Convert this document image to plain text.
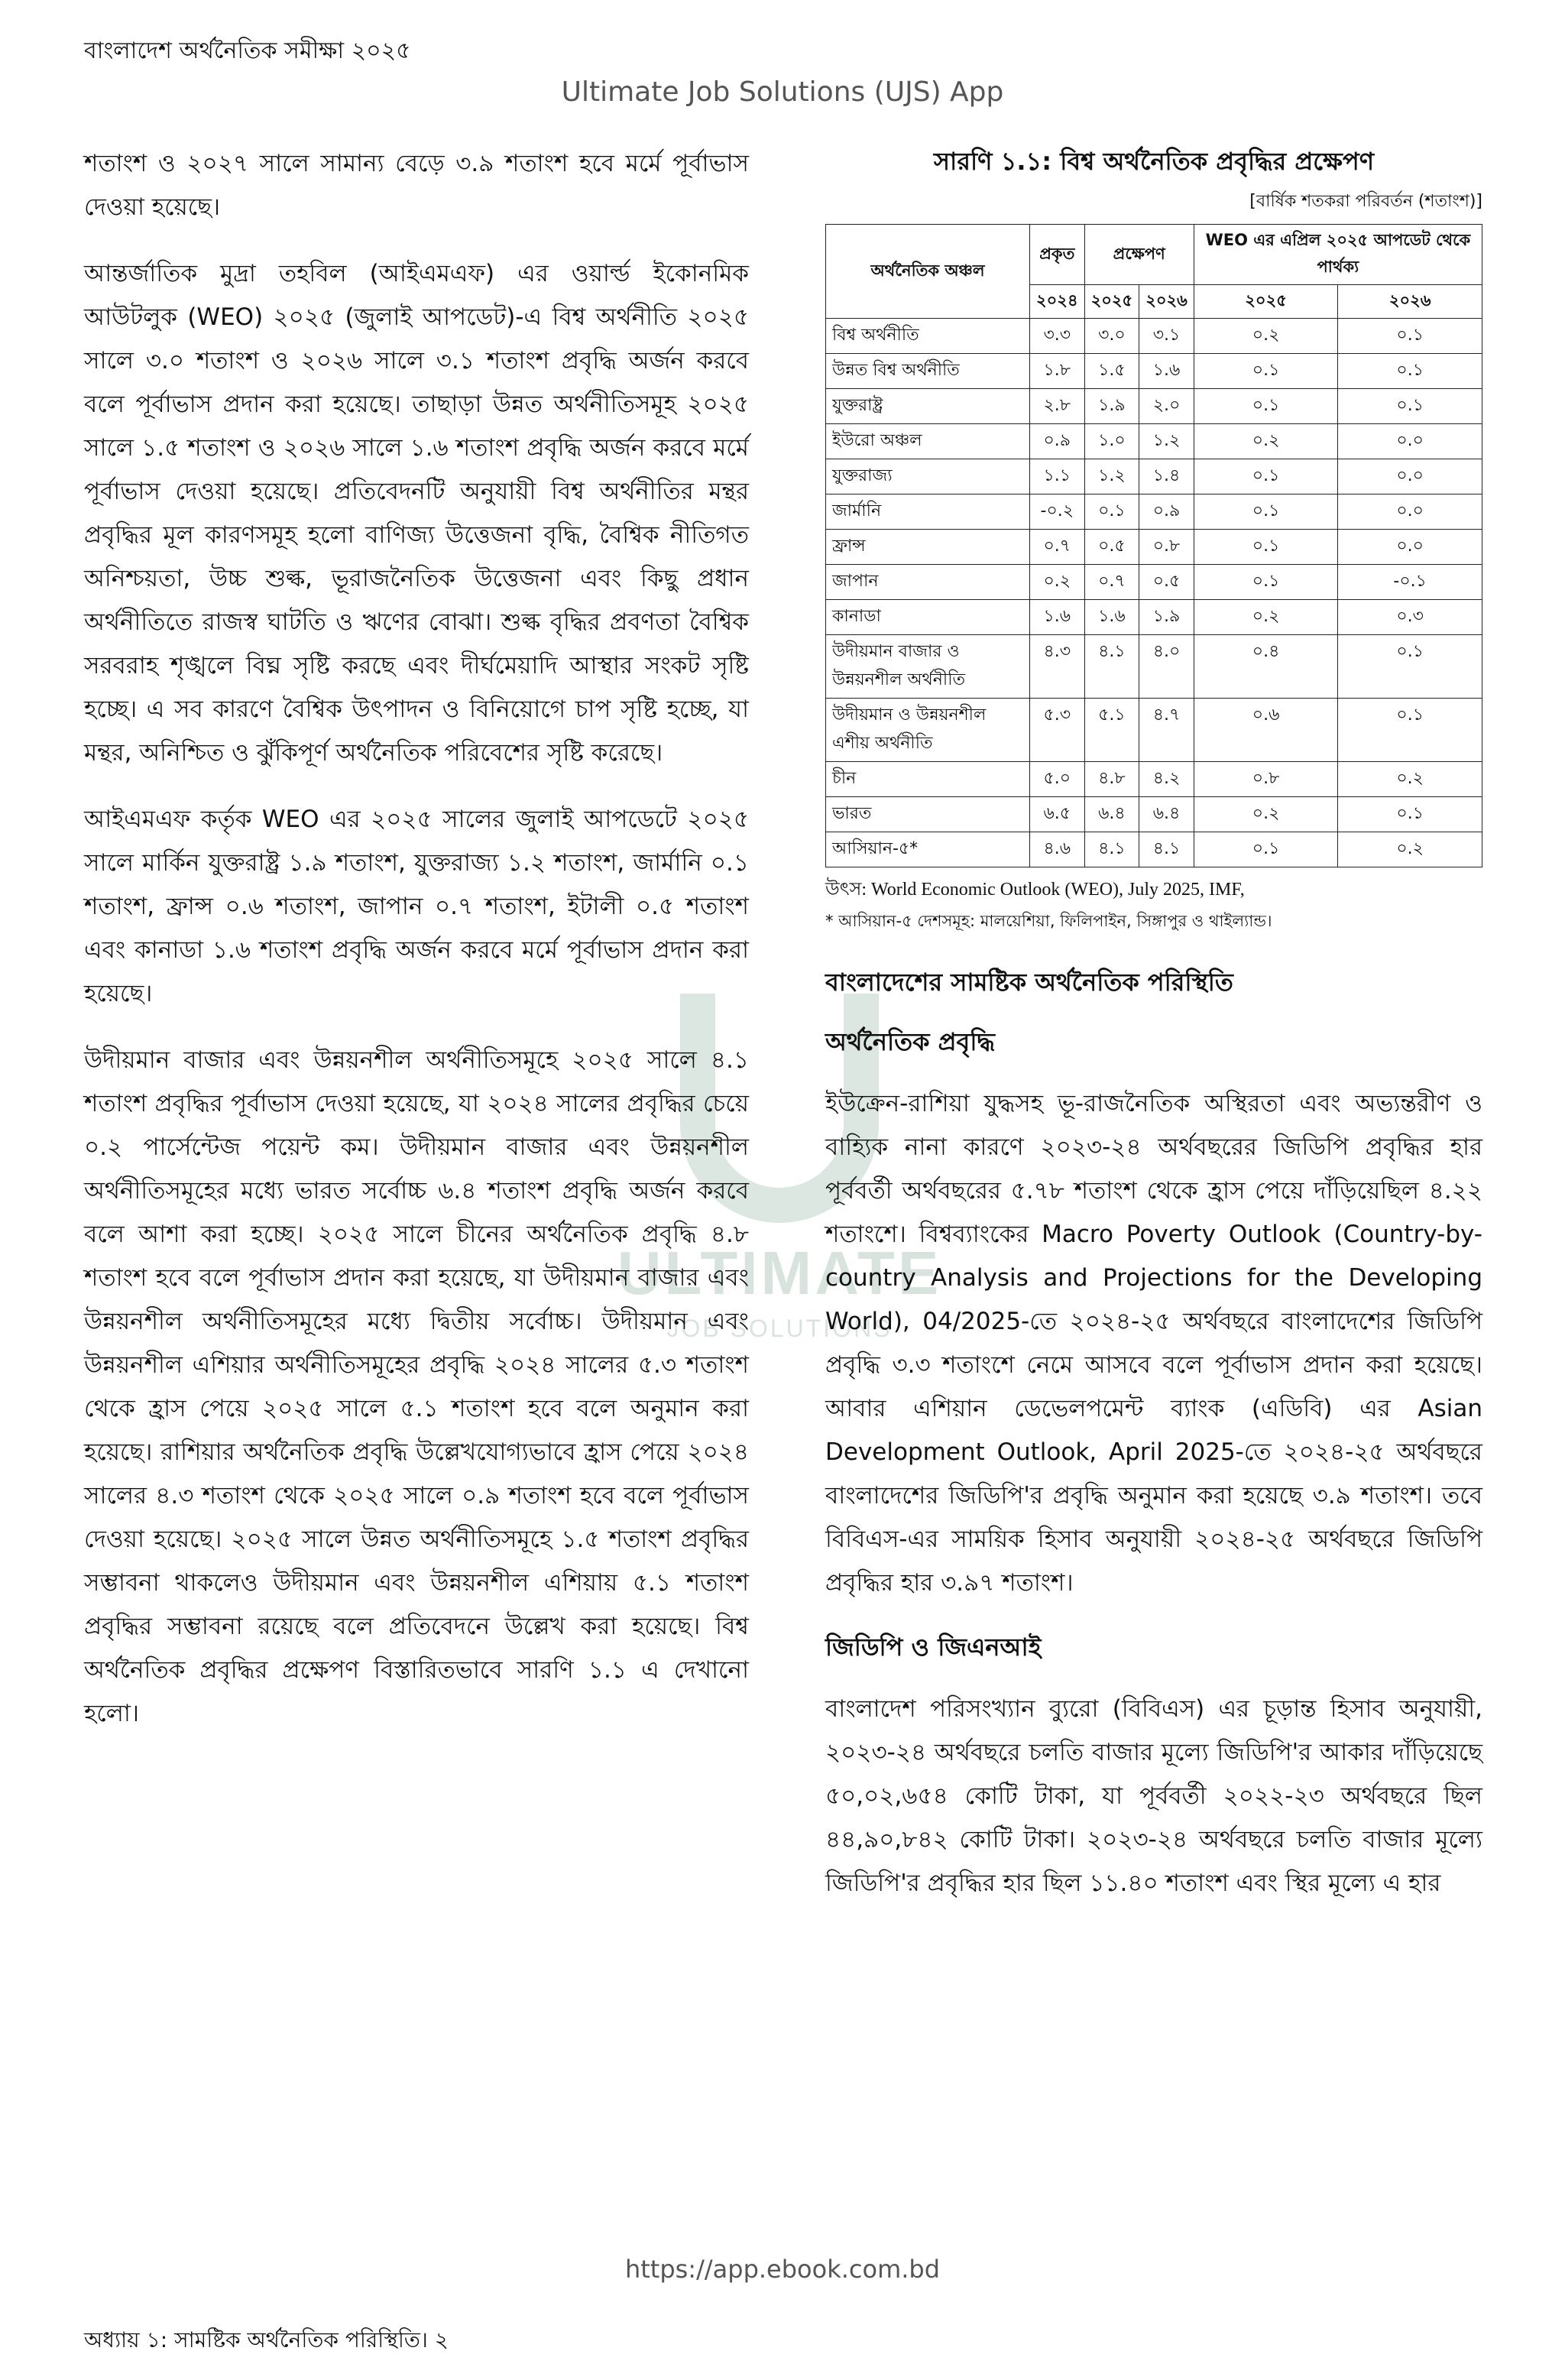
বাংলাদেশ অর্থনৈতিক সমীক্ষা ২০২৫
Ultimate Job Solutions (UJS) App
ULTIMATE
JOB SOLUTIONS

শতাংশ ও ২০২৭ সালে সামান্য বেড়ে ৩.৯ শতাংশ হবে মর্মে পূর্বাভাস দেওয়া হয়েছে।

আন্তর্জাতিক মুদ্রা তহবিল (আইএমএফ) এর ওয়ার্ল্ড ইকোনমিক আউটলুক (WEO) ২০২৫ (জুলাই আপডেট)-এ বিশ্ব অর্থনীতি ২০২৫ সালে ৩.০ শতাংশ ও ২০২৬ সালে ৩.১ শতাংশ প্রবৃদ্ধি অর্জন করবে বলে পূর্বাভাস প্রদান করা হয়েছে। তাছাড়া উন্নত অর্থনীতিসমূহ ২০২৫ সালে ১.৫ শতাংশ ও ২০২৬ সালে ১.৬ শতাংশ প্রবৃদ্ধি অর্জন করবে মর্মে পূর্বাভাস দেওয়া হয়েছে। প্রতিবেদনটি অনুযায়ী বিশ্ব অর্থনীতির মন্থর প্রবৃদ্ধির মূল কারণসমূহ হলো বাণিজ্য উত্তেজনা বৃদ্ধি, বৈশ্বিক নীতিগত অনিশ্চয়তা, উচ্চ শুল্ক, ভূরাজনৈতিক উত্তেজনা এবং কিছু প্রধান অর্থনীতিতে রাজস্ব ঘাটতি ও ঋণের বোঝা। শুল্ক বৃদ্ধির প্রবণতা বৈশ্বিক সরবরাহ শৃঙ্খলে বিঘ্ন সৃষ্টি করছে এবং দীর্ঘমেয়াদি আস্থার সংকট সৃষ্টি হচ্ছে। এ সব কারণে বৈশ্বিক উৎপাদন ও বিনিয়োগে চাপ সৃষ্টি হচ্ছে, যা মন্থর, অনিশ্চিত ও ঝুঁকিপূর্ণ অর্থনৈতিক পরিবেশের সৃষ্টি করেছে।

আইএমএফ কর্তৃক WEO এর ২০২৫ সালের জুলাই আপডেটে ২০২৫ সালে মার্কিন যুক্তরাষ্ট্র ১.৯ শতাংশ, যুক্তরাজ্য ১.২ শতাংশ, জার্মানি ০.১ শতাংশ, ফ্রান্স ০.৬ শতাংশ, জাপান ০.৭ শতাংশ, ইটালী ০.৫ শতাংশ এবং কানাডা ১.৬ শতাংশ প্রবৃদ্ধি অর্জন করবে মর্মে পূর্বাভাস প্রদান করা হয়েছে।

উদীয়মান বাজার এবং উন্নয়নশীল অর্থনীতিসমূহে ২০২৫ সালে ৪.১ শতাংশ প্রবৃদ্ধির পূর্বাভাস দেওয়া হয়েছে, যা ২০২৪ সালের প্রবৃদ্ধির চেয়ে ০.২ পার্সেন্টেজ পয়েন্ট কম। উদীয়মান বাজার এবং উন্নয়নশীল অর্থনীতিসমূহের মধ্যে ভারত সর্বোচ্চ ৬.৪ শতাংশ প্রবৃদ্ধি অর্জন করবে বলে আশা করা হচ্ছে। ২০২৫ সালে চীনের অর্থনৈতিক প্রবৃদ্ধি ৪.৮ শতাংশ হবে বলে পূর্বাভাস প্রদান করা হয়েছে, যা উদীয়মান বাজার এবং উন্নয়নশীল অর্থনীতিসমূহের মধ্যে দ্বিতীয় সর্বোচ্চ। উদীয়মান এবং উন্নয়নশীল এশিয়ার অর্থনীতিসমূহের প্রবৃদ্ধি ২০২৪ সালের ৫.৩ শতাংশ থেকে হ্রাস পেয়ে ২০২৫ সালে ৫.১ শতাংশ হবে বলে অনুমান করা হয়েছে। রাশিয়ার অর্থনৈতিক প্রবৃদ্ধি উল্লেখযোগ্যভাবে হ্রাস পেয়ে ২০২৪ সালের ৪.৩ শতাংশ থেকে ২০২৫ সালে ০.৯ শতাংশ হবে বলে পূর্বাভাস দেওয়া হয়েছে। ২০২৫ সালে উন্নত অর্থনীতিসমূহে ১.৫ শতাংশ প্রবৃদ্ধির সম্ভাবনা থাকলেও উদীয়মান এবং উন্নয়নশীল এশিয়ায় ৫.১ শতাংশ প্রবৃদ্ধির সম্ভাবনা রয়েছে বলে প্রতিবেদনে উল্লেখ করা হয়েছে। বিশ্ব অর্থনৈতিক প্রবৃদ্ধির প্রক্ষেপণ বিস্তারিতভাবে সারণি ১.১ এ দেখানো হলো।

সারণি ১.১: বিশ্ব অর্থনৈতিক প্রবৃদ্ধির প্রক্ষেপণ
[বার্ষিক শতকরা পরিবর্তন (শতাংশ)]
অর্থনৈতিক অঞ্চল	প্রকৃত	প্রক্ষেপণ		WEO এর এপ্রিল ২০২৫ আপডেট থেকে পার্থক্য	
	২০২৪	২০২৫	২০২৬	২০২৫	২০২৬
বিশ্ব অর্থনীতি	৩.৩	৩.০	৩.১	০.২	০.১
উন্নত বিশ্ব অর্থনীতি	১.৮	১.৫	১.৬	০.১	০.১
যুক্তরাষ্ট্র	২.৮	১.৯	২.০	০.১	০.১
ইউরো অঞ্চল	০.৯	১.০	১.২	০.২	০.০
যুক্তরাজ্য	১.১	১.২	১.৪	০.১	০.০
জার্মানি	-০.২	০.১	০.৯	০.১	০.০
ফ্রান্স	০.৭	০.৫	০.৮	০.১	০.০
জাপান	০.২	০.৭	০.৫	০.১	-০.১
কানাডা	১.৬	১.৬	১.৯	০.২	০.৩
উদীয়মান বাজার ও উন্নয়নশীল অর্থনীতি	৪.৩	৪.১	৪.০	০.৪	০.১
উদীয়মান ও উন্নয়নশীল এশীয় অর্থনীতি	৫.৩	৫.১	৪.৭	০.৬	০.১
চীন	৫.০	৪.৮	৪.২	০.৮	০.২
ভারত	৬.৫	৬.৪	৬.৪	০.২	০.১
আসিয়ান-৫*	৪.৬	৪.১	৪.১	০.১	০.২

উৎস: World Economic Outlook (WEO), July 2025, IMF,

* আসিয়ান-৫ দেশসমূহ: মালয়েশিয়া, ফিলিপাইন, সিঙ্গাপুর ও থাইল্যান্ড।

বাংলাদেশের সামষ্টিক অর্থনৈতিক পরিস্থিতি

অর্থনৈতিক প্রবৃদ্ধি

ইউক্রেন-রাশিয়া যুদ্ধসহ ভূ-রাজনৈতিক অস্থিরতা এবং অভ্যন্তরীণ ও বাহ্যিক নানা কারণে ২০২৩-২৪ অর্থবছরের জিডিপি প্রবৃদ্ধির হার পূর্ববর্তী অর্থবছরের ৫.৭৮ শতাংশ থেকে হ্রাস পেয়ে দাঁড়িয়েছিল ৪.২২ শতাংশে। বিশ্বব্যাংকের Macro Poverty Outlook (Country-by-country Analysis and Projections for the Developing World), 04/2025-তে ২০২৪-২৫ অর্থবছরে বাংলাদেশের জিডিপি প্রবৃদ্ধি ৩.৩ শতাংশে নেমে আসবে বলে পূর্বাভাস প্রদান করা হয়েছে। আবার এশিয়ান ডেভেলপমেন্ট ব্যাংক (এডিবি) এর Asian Development Outlook, April 2025-তে ২০২৪-২৫ অর্থবছরে বাংলাদেশের জিডিপি'র প্রবৃদ্ধি অনুমান করা হয়েছে ৩.৯ শতাংশ। তবে বিবিএস-এর সাময়িক হিসাব অনুযায়ী ২০২৪-২৫ অর্থবছরে জিডিপি প্রবৃদ্ধির হার ৩.৯৭ শতাংশ।

জিডিপি ও জিএনআই

বাংলাদেশ পরিসংখ্যান ব্যুরো (বিবিএস) এর চূড়ান্ত হিসাব অনুযায়ী, ২০২৩-২৪ অর্থবছরে চলতি বাজার মূল্যে জিডিপি'র আকার দাঁড়িয়েছে ৫০,০২,৬৫৪ কোটি টাকা, যা পূর্ববর্তী ২০২২-২৩ অর্থবছরে ছিল ৪৪,৯০,৮৪২ কোটি টাকা। ২০২৩-২৪ অর্থবছরে চলতি বাজার মূল্যে জিডিপি'র প্রবৃদ্ধির হার ছিল ১১.৪০ শতাংশ এবং স্থির মূল্যে এ হার

https://app.ebook.com.bd
অধ্যায় ১: সামষ্টিক অর্থনৈতিক পরিস্থিতি। ২
